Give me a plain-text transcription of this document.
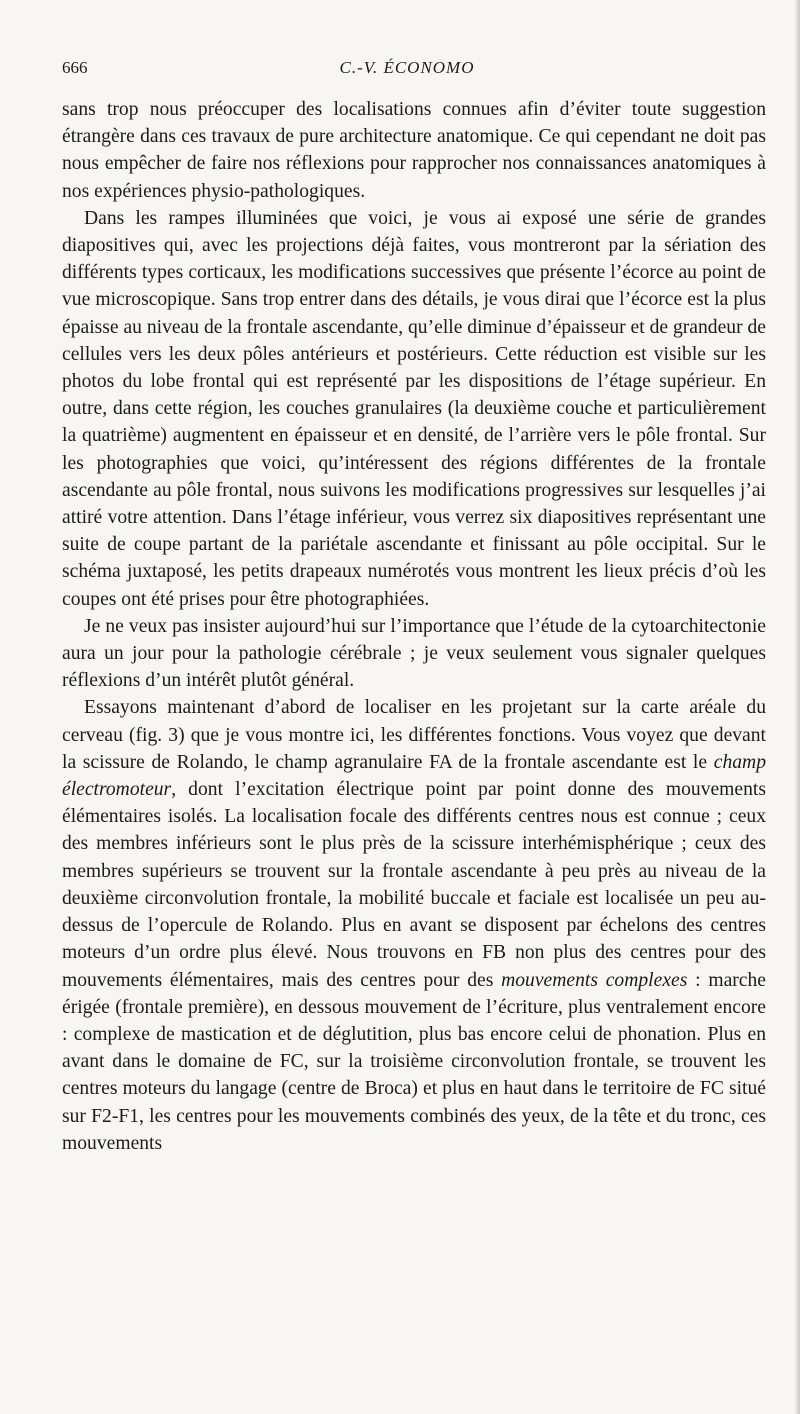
666	C.-V. ÉCONOMO

sans trop nous préoccuper des localisations connues afin d’éviter toute suggestion étrangère dans ces travaux de pure architecture anatomique. Ce qui cependant ne doit pas nous empêcher de faire nos réflexions pour rapprocher nos connaissances anatomiques à nos expériences physio-pathologiques.

Dans les rampes illuminées que voici, je vous ai exposé une série de grandes diapositives qui, avec les projections déjà faites, vous montreront par la sériation des différents types corticaux, les modifications successives que présente l’écorce au point de vue microscopique. Sans trop entrer dans des détails, je vous dirai que l’écorce est la plus épaisse au niveau de la frontale ascendante, qu’elle diminue d’épaisseur et de grandeur de cellules vers les deux pôles antérieurs et postérieurs. Cette réduction est visible sur les photos du lobe frontal qui est représenté par les dispositions de l’étage supérieur. En outre, dans cette région, les couches granulaires (la deuxième couche et particulièrement la quatrième) augmentent en épaisseur et en densité, de l’arrière vers le pôle frontal. Sur les photographies que voici, qu’intéressent des régions différentes de la frontale ascendante au pôle frontal, nous suivons les modifications progressives sur lesquelles j’ai attiré votre attention. Dans l’étage inférieur, vous verrez six diapositives représentant une suite de coupe partant de la pariétale ascendante et finissant au pôle occipital. Sur le schéma juxtaposé, les petits drapeaux numérotés vous montrent les lieux précis d’où les coupes ont été prises pour être photographiées.

Je ne veux pas insister aujourd’hui sur l’importance que l’étude de la cytoarchitectonie aura un jour pour la pathologie cérébrale ; je veux seulement vous signaler quelques réflexions d’un intérêt plutôt général.

Essayons maintenant d’abord de localiser en les projetant sur la carte aréale du cerveau (fig. 3) que je vous montre ici, les différentes fonctions. Vous voyez que devant la scissure de Rolando, le champ agranulaire FA de la frontale ascendante est le champ électromoteur, dont l’excitation électrique point par point donne des mouvements élémentaires isolés. La localisation focale des différents centres nous est connue ; ceux des membres inférieurs sont le plus près de la scissure interhémisphérique ; ceux des membres supérieurs se trouvent sur la frontale ascendante à peu près au niveau de la deuxième circonvolution frontale, la mobilité buccale et faciale est localisée un peu au-dessus de l’opercule de Rolando. Plus en avant se disposent par échelons des centres moteurs d’un ordre plus élevé. Nous trouvons en FB non plus des centres pour des mouvements élémentaires, mais des centres pour des mouvements complexes : marche érigée (frontale première), en dessous mouvement de l’écriture, plus ventralement encore : complexe de mastication et de déglutition, plus bas encore celui de phonation. Plus en avant dans le domaine de FC, sur la troisième circonvolution frontale, se trouvent les centres moteurs du langage (centre de Broca) et plus en haut dans le territoire de FC situé sur F2-F1, les centres pour les mouvements combinés des yeux, de la tête et du tronc, ces mouvements
